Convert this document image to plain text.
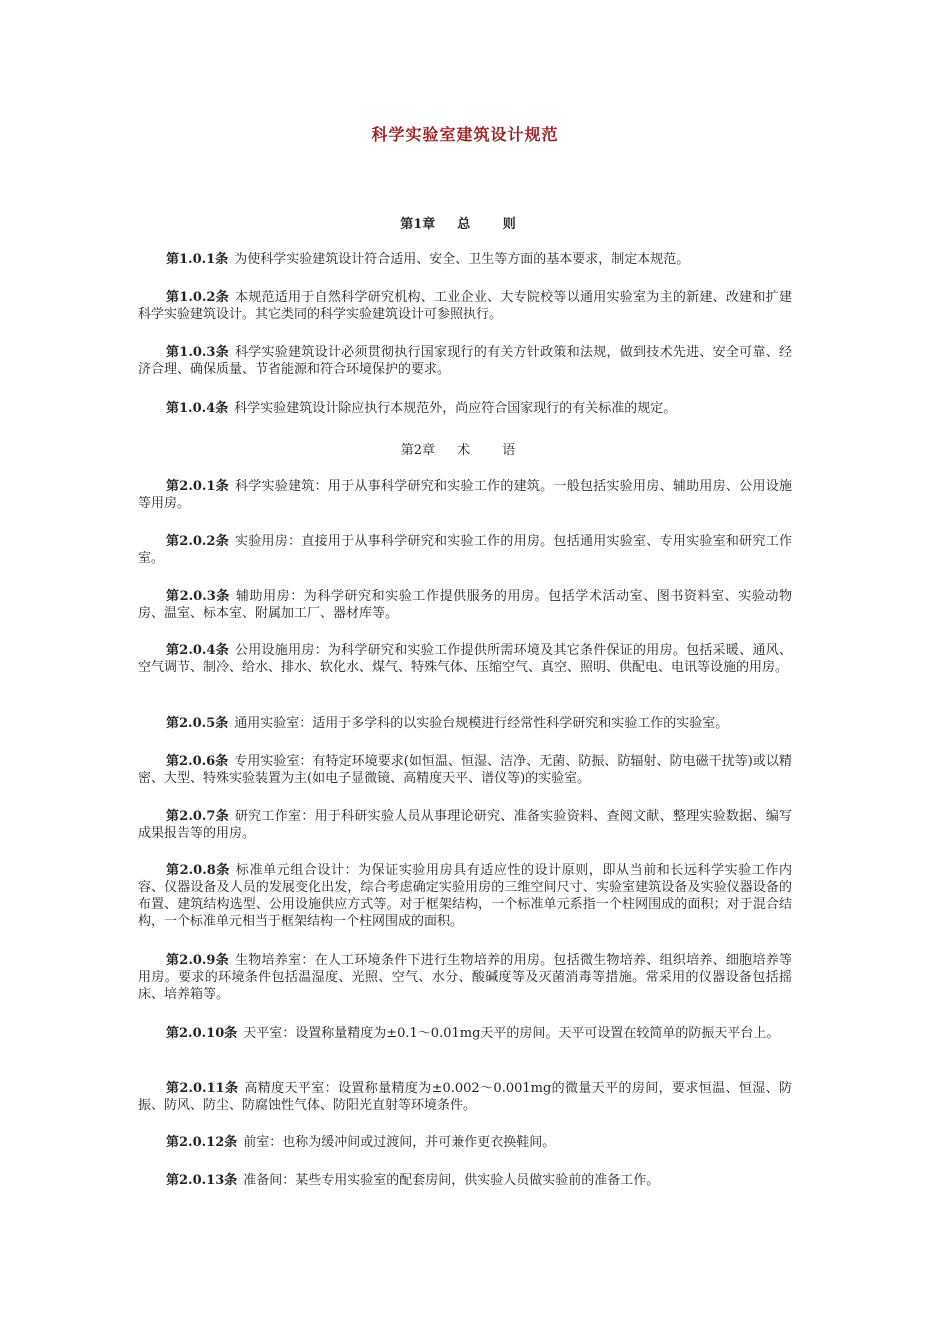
科学实验室建筑设计规范
第1章 总 则
第1.0.1条 为使科学实验建筑设计符合适用、安全、卫生等方面的基本要求，制定本规范。
第1.0.2条 本规范适用于自然科学研究机构、工业企业、大专院校等以通用实验室为主的新建、改建和扩建科学实验建筑设计。其它类同的科学实验建筑设计可参照执行。
第1.0.3条 科学实验建筑设计必须贯彻执行国家现行的有关方针政策和法规，做到技术先进、安全可靠、经济合理、确保质量、节省能源和符合环境保护的要求。
第1.0.4条 科学实验建筑设计除应执行本规范外，尚应符合国家现行的有关标准的规定。
第2章 术 语
第2.0.1条 科学实验建筑：用于从事科学研究和实验工作的建筑。一般包括实验用房、辅助用房、公用设施等用房。
第2.0.2条 实验用房：直接用于从事科学研究和实验工作的用房。包括通用实验室、专用实验室和研究工作室。
第2.0.3条 辅助用房：为科学研究和实验工作提供服务的用房。包括学术活动室、图书资料室、实验动物房、温室、标本室、附属加工厂、器材库等。
第2.0.4条 公用设施用房：为科学研究和实验工作提供所需环境及其它条件保证的用房。包括采暖、通风、空气调节、制冷、给水、排水、软化水、煤气、特殊气体、压缩空气、真空、照明、供配电、电讯等设施的用房。
第2.0.5条 通用实验室：适用于多学科的以实验台规模进行经常性科学研究和实验工作的实验室。
第2.0.6条 专用实验室：有特定环境要求(如恒温、恒湿、洁净、无菌、防振、防辐射、防电磁干扰等)或以精密、大型、特殊实验装置为主(如电子显微镜、高精度天平、谱仪等)的实验室。
第2.0.7条 研究工作室：用于科研实验人员从事理论研究、准备实验资料、查阅文献、整理实验数据、编写成果报告等的用房。
第2.0.8条 标准单元组合设计：为保证实验用房具有适应性的设计原则，即从当前和长远科学实验工作内容、仪器设备及人员的发展变化出发，综合考虑确定实验用房的三维空间尺寸、实验室建筑设备及实验仪器设备的布置、建筑结构选型、公用设施供应方式等。对于框架结构，一个标准单元系指一个柱网围成的面积；对于混合结构，一个标准单元相当于框架结构一个柱网围成的面积。
第2.0.9条 生物培养室：在人工环境条件下进行生物培养的用房。包括微生物培养、组织培养、细胞培养等用房。要求的环境条件包括温湿度、光照、空气、水分、酸碱度等及灭菌消毒等措施。常采用的仪器设备包括摇床、培养箱等。
第2.0.10条 天平室：设置称量精度为±0.1～0.01mg天平的房间。天平可设置在较简单的防振天平台上。
第2.0.11条 高精度天平室：设置称量精度为±0.002～0.001mg的微量天平的房间，要求恒温、恒湿、防振、防风、防尘、防腐蚀性气体、防阳光直射等环境条件。
第2.0.12条 前室：也称为缓冲间或过渡间，并可兼作更衣换鞋间。
第2.0.13条 准备间：某些专用实验室的配套房间，供实验人员做实验前的准备工作。
